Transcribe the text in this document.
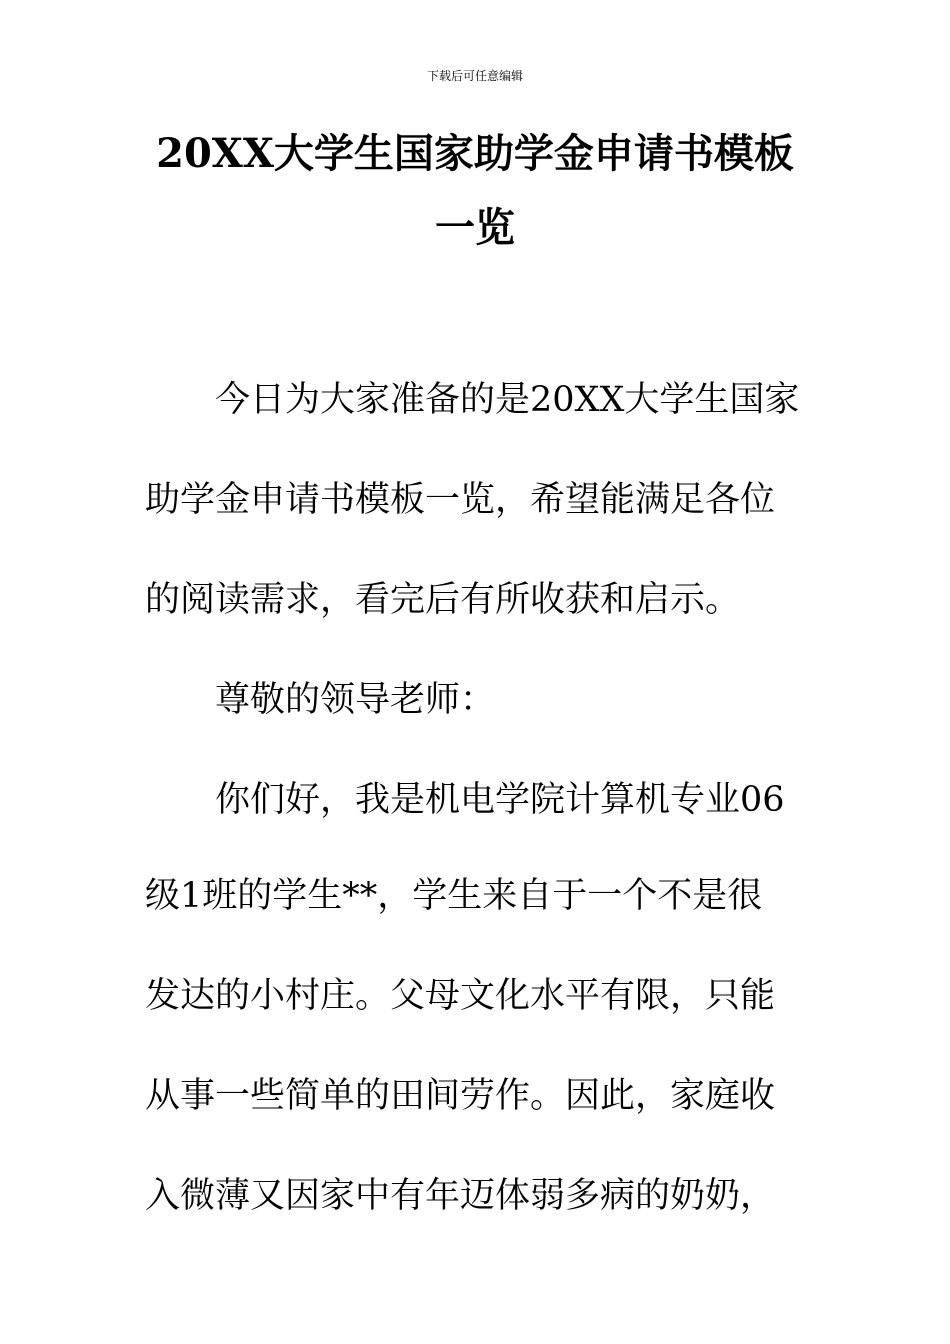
下载后可任意编辑
20XX大学生国家助学金申请书模板
一览
今日为大家准备的是20XX大学生国家
助学金申请书模板一览，希望能满足各位
的阅读需求，看完后有所收获和启示。
尊敬的领导老师：
你们好，我是机电学院计算机专业06
级1班的学生**，学生来自于一个不是很
发达的小村庄。父母文化水平有限，只能
从事一些简单的田间劳作。因此，家庭收
入微薄又因家中有年迈体弱多病的奶奶，
